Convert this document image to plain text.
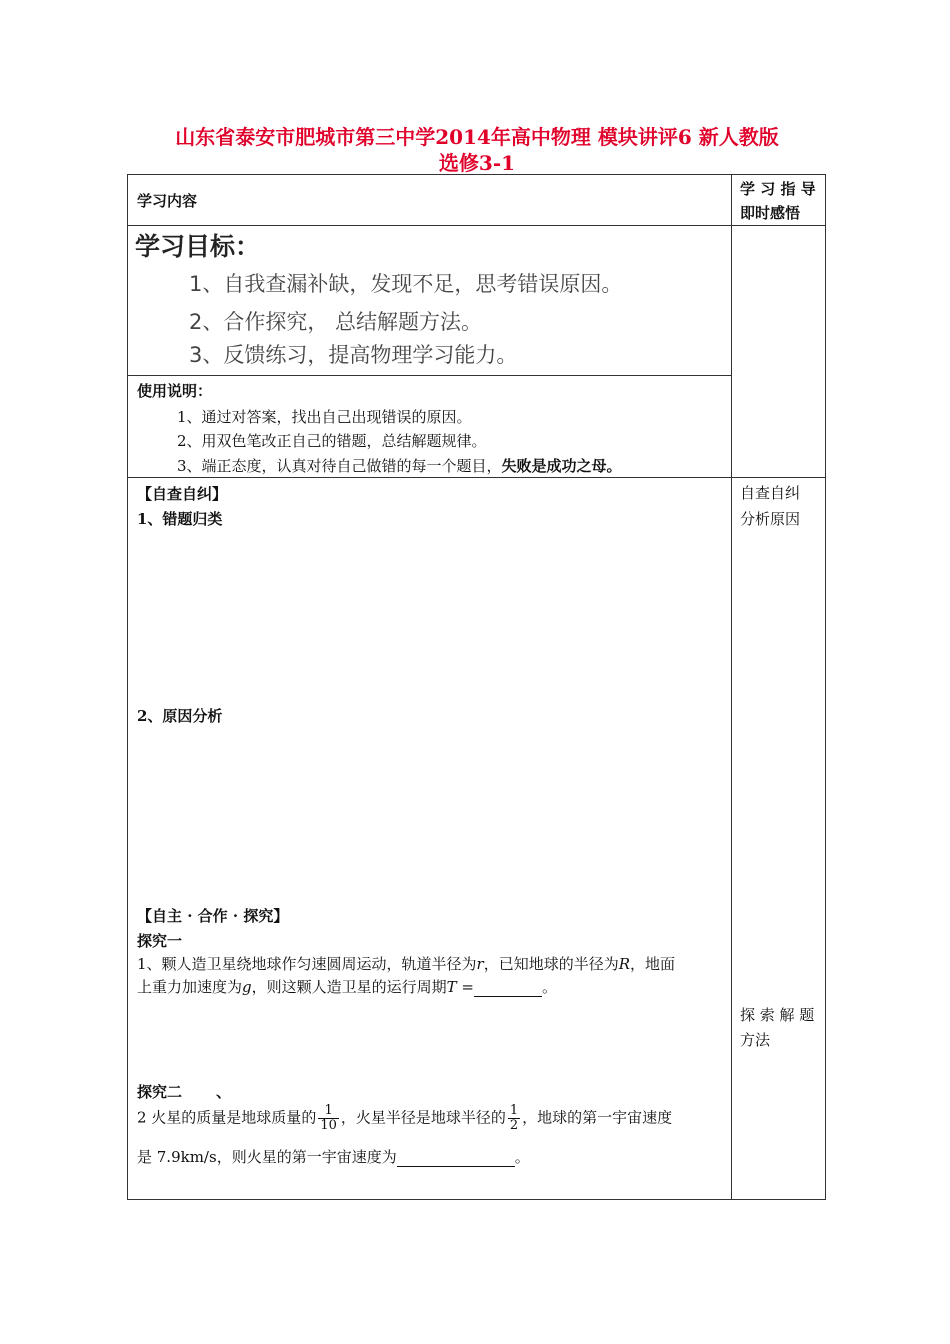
山东省泰安市肥城市第三中学2014年高中物理 模块讲评6 新人教版
选修3-1
学习内容
学 习 指 导
即时感悟
学习目标：
1、自我查漏补缺，发现不足，思考错误原因。
2、合作探究， 总结解题方法。
3、反馈练习，提高物理学习能力。
使用说明：
1、通过对答案，找出自己出现错误的原因。
2、用双色笔改正自己的错题，总结解题规律。
3、端正态度，认真对待自己做错的每一个题目，失败是成功之母。
【自查自纠】
1、错题归类
2、原因分析
自查自纠
分析原因
【自主 · 合作 · 探究】
探究一
1、颗人造卫星绕地球作匀速圆周运动，轨道半径为r，已知地球的半径为R，地面
上重力加速度为g，则这颗人造卫星的运行周期T =	。
探 索 解 题
方法
探究二 、
2 火星的质量是地球质量的 $\frac{1}{10}$ ，火星半径是地球半径的 $\frac{1}{2}$ ，地球的第一宇宙速度
是 7.9km/s，则火星的第一宇宙速度为	。
